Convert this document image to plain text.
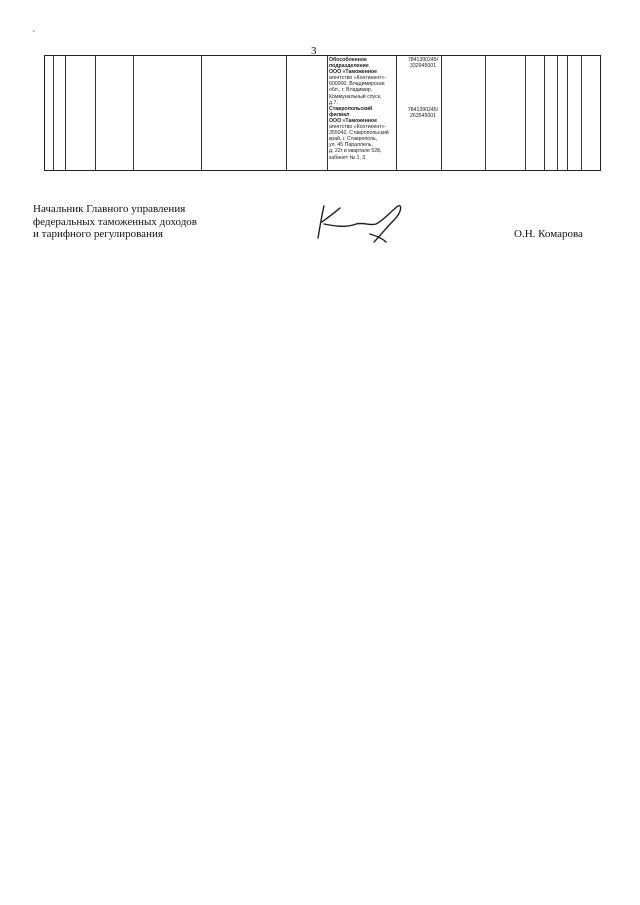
`
3
Обособленное
подразделение
ООО «Таможенное
агентство «Континент»-
600000, Владимирская
обл., г. Владимир,
Коммунальный спуск,
д.7.
Ставропольский
филиал
ООО «Таможенное
агентство «Континент»-
355042, Ставропольский
край, г. Ставрополь,
ул. 45 Параллель,
д. 22г в квартале 528,
кабинет № 1, 3
7841390245/
332945001
7841390245/
263545001
Начальник Главного управления
федеральных таможенных доходов
и тарифного регулирования	О.Н. Комарова
